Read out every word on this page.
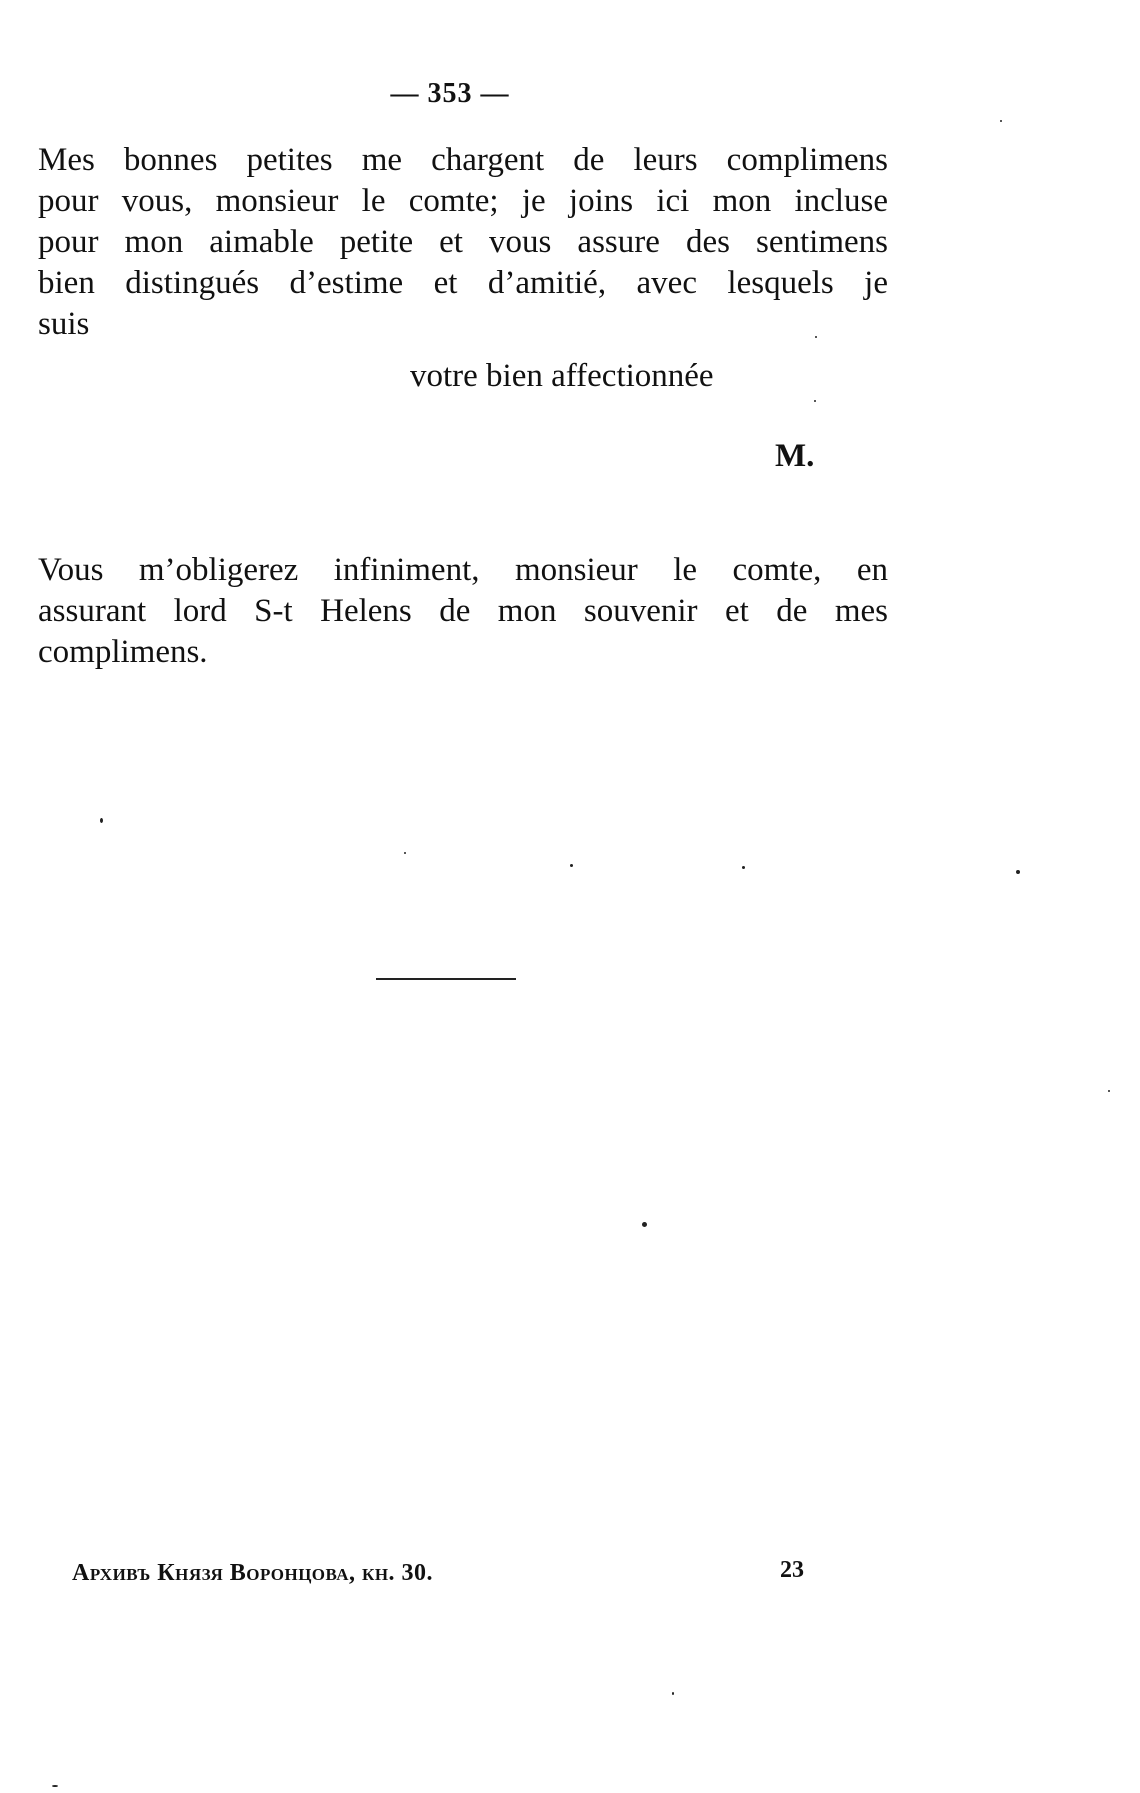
— 353 —
Mes bonnes petites me chargent de leurs complimens
pour vous, monsieur le comte; je joins ici mon incluse
pour mon aimable petite et vous assure des sentimens
bien distingués d’estime et d’amitié, avec lesquels je
suis
votre bien affectionnée
M.
Vous m’obligerez infiniment, monsieur le comte, en
assurant lord S-t Helens de mon souvenir et de mes
complimens.
Архивъ Князя Воронцова, кн. 30.	23
